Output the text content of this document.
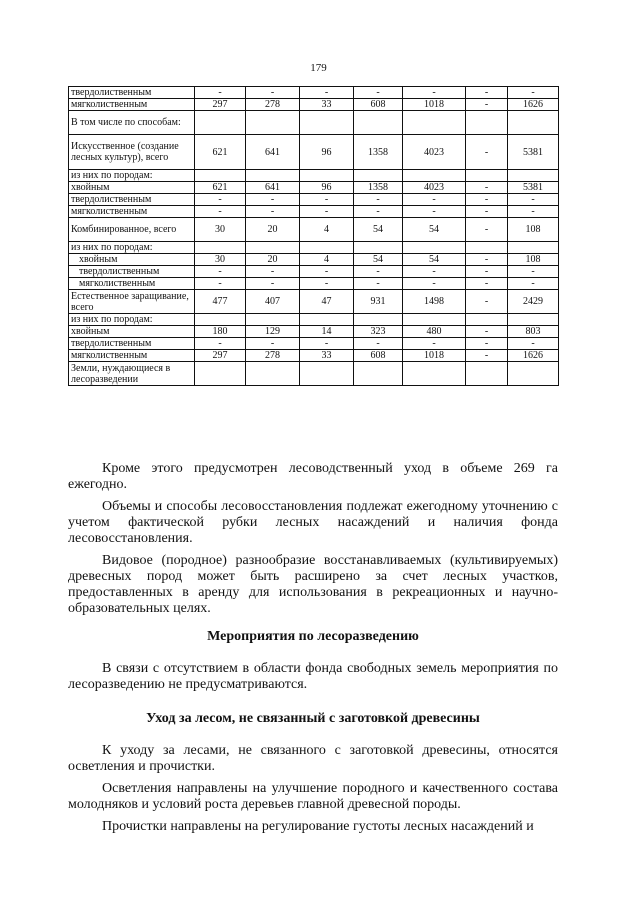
179
твердолиственным	-	-	-	-	-	-	-
мягколиственным	297	278	33	608	1018	-	1626
В том числе по способам:							
Искусственное (создание лесных культур), всего	621	641	96	1358	4023	-	5381
из них по породам:							
хвойным	621	641	96	1358	4023	-	5381
твердолиственным	-	-	-	-	-	-	-
мягколиственным	-	-	-	-	-	-	-
Комбинированное, всего	30	20	4	54	54	-	108
из них по породам:							
хвойным	30	20	4	54	54	-	108
твердолиственным	-	-	-	-	-	-	-
мягколиственным	-	-	-	-	-	-	-
Естественное заращивание, всего	477	407	47	931	1498	-	2429
из них по породам:							
хвойным	180	129	14	323	480	-	803
твердолиственным	-	-	-	-	-	-	-
мягколиственным	297	278	33	608	1018	-	1626
Земли, нуждающиеся в лесоразведении							

Кроме этого предусмотрен лесоводственный уход в объеме 269 га ежегодно.

Объемы и способы лесовосстановления подлежат ежегодному уточнению с учетом фактической рубки лесных насаждений и наличия фонда лесовосстановления.

Видовое (породное) разнообразие восстанавливаемых (культивируемых) древесных пород может быть расширено за счет лесных участков, предоставленных в аренду для использования в рекреационных и научно-образовательных целях.

Мероприятия по лесоразведению

В связи с отсутствием в области фонда свободных земель мероприятия по лесоразведению не предусматриваются.

Уход за лесом, не связанный с заготовкой древесины

К уходу за лесами, не связанного с заготовкой древесины, относятся осветления и прочистки.

Осветления направлены на улучшение породного и качественного состава молодняков и условий роста деревьев главной древесной породы.

Прочистки направлены на регулирование густоты лесных насаждений и
